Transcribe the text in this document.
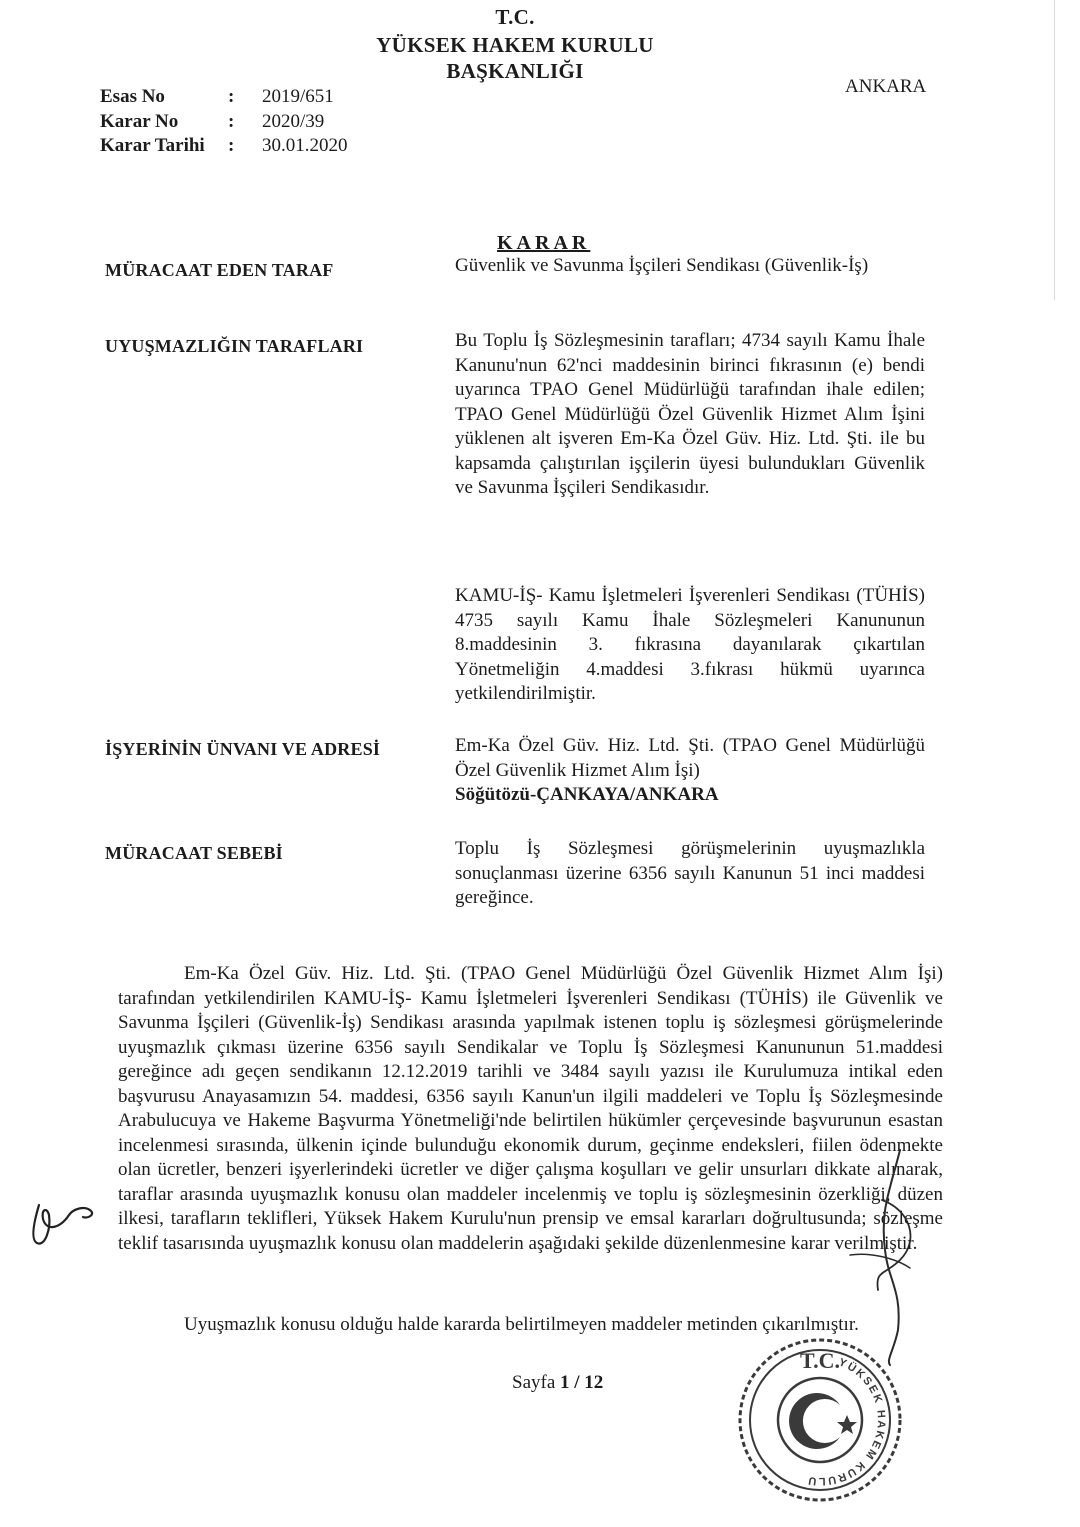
T.C.
YÜKSEK HAKEM KURULU
BAŞKANLIĞI
ANKARA
Esas No	: 2019/651
Karar No	: 2020/39
Karar Tarihi : 30.01.2020
KARAR
MÜRACAAT EDEN TARAF	Güvenlik ve Savunma İşçileri Sendikası (Güvenlik-İş)
UYUŞMAZLIĞIN TARAFLARI	Bu Toplu İş Sözleşmesinin tarafları; 4734 sayılı Kamu İhale Kanunu'nun 62'nci maddesinin birinci fıkrasının (e) bendi uyarınca TPAO Genel Müdürlüğü tarafından ihale edilen; TPAO Genel Müdürlüğü Özel Güvenlik Hizmet Alım İşini yüklenen alt işveren Em-Ka Özel Güv. Hiz. Ltd. Şti. ile bu kapsamda çalıştırılan işçilerin üyesi bulundukları Güvenlik ve Savunma İşçileri Sendikasıdır.
KAMU-İŞ- Kamu İşletmeleri İşverenleri Sendikası (TÜHİS) 4735 sayılı Kamu İhale Sözleşmeleri Kanununun 8.maddesinin 3. fıkrasına dayanılarak çıkartılan Yönetmeliğin 4.maddesi 3.fıkrası hükmü uyarınca yetkilendirilmiştir.
İŞYERİNİN ÜNVANI VE ADRESİ	Em-Ka Özel Güv. Hiz. Ltd. Şti. (TPAO Genel Müdürlüğü Özel Güvenlik Hizmet Alım İşi)
Söğütözü-ÇANKAYA/ANKARA
MÜRACAAT SEBEBİ	Toplu İş Sözleşmesi görüşmelerinin uyuşmazlıkla sonuçlanması üzerine 6356 sayılı Kanunun 51 inci maddesi gereğince.
Em-Ka Özel Güv. Hiz. Ltd. Şti. (TPAO Genel Müdürlüğü Özel Güvenlik Hizmet Alım İşi) tarafından yetkilendirilen KAMU-İŞ- Kamu İşletmeleri İşverenleri Sendikası (TÜHİS) ile Güvenlik ve Savunma İşçileri (Güvenlik-İş) Sendikası arasında yapılmak istenen toplu iş sözleşmesi görüşmelerinde uyuşmazlık çıkması üzerine 6356 sayılı Sendikalar ve Toplu İş Sözleşmesi Kanununun 51.maddesi gereğince adı geçen sendikanın 12.12.2019 tarihli ve 3484 sayılı yazısı ile Kurulumuza intikal eden başvurusu Anayasamızın 54. maddesi, 6356 sayılı Kanun'un ilgili maddeleri ve Toplu İş Sözleşmesinde Arabulucuya ve Hakeme Başvurma Yönetmeliği'nde belirtilen hükümler çerçevesinde başvurunun esastan incelenmesi sırasında, ülkenin içinde bulunduğu ekonomik durum, geçinme endeksleri, fiilen ödenmekte olan ücretler, benzeri işyerlerindeki ücretler ve diğer çalışma koşulları ve gelir unsurları dikkate alınarak, taraflar arasında uyuşmazlık konusu olan maddeler incelenmiş ve toplu iş sözleşmesinin özerkliği, düzen ilkesi, tarafların teklifleri, Yüksek Hakem Kurulu'nun prensip ve emsal kararları doğrultusunda; sözleşme teklif tasarısında uyuşmazlık konusu olan maddelerin aşağıdaki şekilde düzenlenmesine karar verilmiştir.
Uyuşmazlık konusu olduğu halde kararda belirtilmeyen maddeler metinden çıkarılmıştır.
Sayfa 1 / 12
T.C.
YÜKSEK HAKEM KURULU
